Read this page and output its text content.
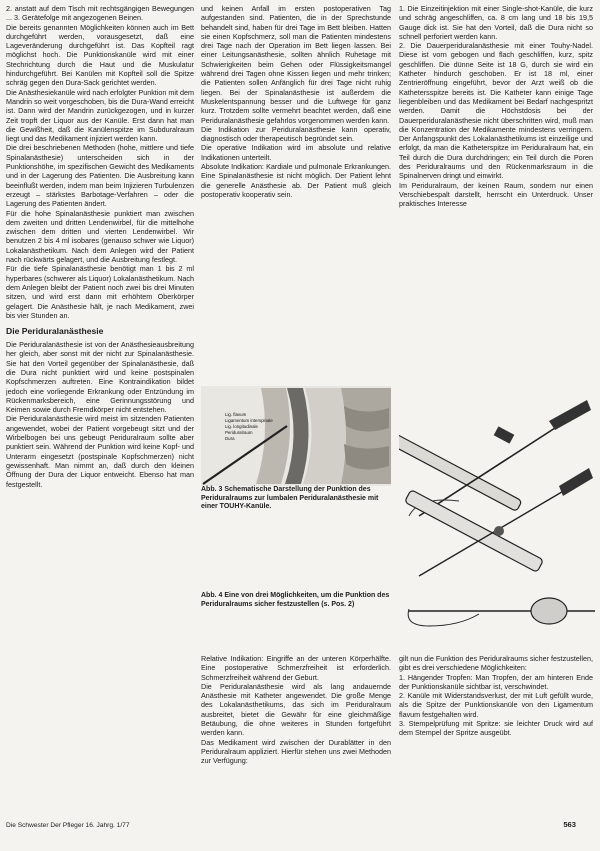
2. anstatt auf dem Tisch mit rechtsgängigen Bewegungen ... 3. Gerätefolge mit angezogenen Beinen.

Die bereits genannten Möglichkeiten können auch im Bett durchgeführt werden, vorausgesetzt, daß eine Lageveränderung durchgeführt ist. Das Kopfteil ragt möglichst hoch. Die Punktionskanüle wird mit einer Stechrichtung durch die Haut und die Muskulatur hindurchgeführt. Bei Kanülen mit Kopfteil soll die Spitze schräg gegen den Dura-Sack gerichtet werden.

Die Anästhesiekanüle wird nach erfolgter Punktion mit dem Mandrin so weit vorgeschoben, bis die Dura-Wand erreicht ist. Dann wird der Mandrin zurückgezogen, und in kurzer Zeit tropft der Liquor aus der Kanüle. Erst dann hat man die Gewißheit, daß die Kanülenspitze im Subduralraum liegt und das Medikament injiziert werden kann.

Die drei beschriebenen Methoden (hohe, mittlere und tiefe Spinalanästhesie) unterscheiden sich in der Punktionshöhe, im spezifischen Gewicht des Medikaments und in der Lagerung des Patienten. Die Ausbreitung kann beeinflußt werden, indem man beim Injizieren Turbulenzen erzeugt – stärkstes Barbotage-Verfahren – oder die Lagerung des Patienten ändert.

Für die hohe Spinalanästhesie punktiert man zwischen dem zweiten und dritten Lendenwirbel, für die mittelhohe zwischen dem dritten und vierten Lendenwirbel. Wir benutzen 2 bis 4 ml isobares (genauso schwer wie Liquor) Lokalanästhetikum. Nach dem Anlegen wird der Patient nach rückwärts gelagert, und die Ausbreitung festlegt.

Für die tiefe Spinalanästhesie benötigt man 1 bis 2 ml hyperbares (schwerer als Liquor) Lokalanästhetikum. Nach dem Anlegen bleibt der Patient noch zwei bis drei Minuten sitzen, und wird erst dann mit erhöhtem Oberkörper gelagert. Die Anästhesie hält, je nach Medikament, zwei bis vier Stunden an.

Die Periduralanästhesie

Die Periduralanästhesie ist von der Anästhesieausbreitung her gleich, aber sonst mit der nicht zur Spinalanästhesie. Sie hat den Vorteil gegenüber der Spinalanästhesie, daß die Dura nicht punktiert wird und keine postspinalen Kopfschmerzen auftreten. Eine Kontraindikation bildet jedoch eine vorliegende Erkrankung oder Entzündung im Rückenmarksbereich, eine Gerinnungsstörung und Keimen sowie durch Fremdkörper nicht entstehen.

Die Periduralanästhesie wird meist im sitzenden Patienten angewendet, wobei der Patient vorgebeugt sitzt und der Wirbelbogen bei uns gebeugt Periduralraum sollte aber punktiert sein. Während der Punktion wird keine Kopf- und Unterarm eingesetzt (postspinale Kopfschmerzen) nicht gewissenhaft. Man nimmt an, daß durch den kleinen Öffnung der Dura der Liquor entweicht. Ebenso hat man festgestellt.

und keinen Anfall im ersten postoperativen Tag aufgestanden sind. Patienten, die in der Sprechstunde behandelt sind, haben für drei Tage im Bett bleiben. Hatten sie einen Kopfschmerz, soll man die Patienten mindestens drei Tage nach der Operation im Bett liegen lassen. Bei einer Leitungsanästhesie, sollten ähnlich Ruhetage mit Schwierigkeiten beim Gehen oder Flüssigkeitsmangel während drei Tagen ohne Kissen liegen und mehr trinken; die Patienten sollen Anfänglich für drei Tage nicht ruhig liegen. Bei der Spinalanästhesie ist außerdem die Muskelentspannung besser und die Luftwege für ganz kurz. Trotzdem sollte vermehrt beachtet werden, daß eine Periduralanästhesie gefahrlos vorgenommen werden kann.

Die Indikation zur Periduralanästhesie kann operativ, diagnostisch oder therapeutisch begründet sein.

Die operative Indikation wird im absolute und relative Indikationen unterteilt.

Absolute Indikation: Kardiale und pulmonale Erkrankungen. Eine Spinalanästhesie ist nicht möglich. Der Patient lehnt die generelle Anästhesie ab. Der Patient muß gleich postoperativ kooperativ sein.

Lig. flavum
Ligamentum interspinale
Lig. longitudinale
Periduralraum
Dura
Abb. 3 Schematische Darstellung der Punktion des Periduralraums zur lumbalen Periduralanästhesie mit einer TOUHY-Kanüle.
Abb. 4 Eine von drei Möglichkeiten, um die Punktion des Periduralraums sicher festzustellen (s. Pos. 2)

1. Die Einzeitinjektion mit einer Single-shot-Kanüle, die kurz und schräg angeschliffen, ca. 8 cm lang und 18 bis 19,5 Gauge dick ist. Sie hat den Vorteil, daß die Dura nicht so schnell perforiert werden kann.

2. Die Dauerperiduralanästhesie mit einer Touhy-Nadel. Diese ist vorn gebogen und flach geschliffen, kurz, spitz geschliffen. Die dünne Seite ist 18 G, durch sie wird ein Katheter hindurch geschoben. Er ist 18 ml, einer Zentrieröffnung eingeführt, bevor der Arzt weiß ob die Kathetersspitze bereits ist. Die Katheter kann einige Tage liegenbleiben und das Medikament bei Bedarf nachgespritzt werden. Damit die Höchstdosis bei der Dauerperiduralanästhesie nicht überschritten wird, muß man die Konzentration der Medikamente mindestens verringern. Der Anfangspunkt des Lokalanästhetikums ist einzeilige und erfolgt, da man die Katheterspitze im Periduralraum hat, ein Teil durch die Dura durchdringen; ein Teil durch die Poren des Periduralraums und den Rückenmarksraum in die Spinalnerven dringt und einwirkt.

Im Periduralraum, der keinen Raum, sondern nur einen Verschiebespalt darstellt, herrscht ein Unterdruck. Unser praktisches Interesse

Relative Indikation: Eingriffe an der unteren Körperhälfte. Eine postoperative Schmerzfreiheit ist erforderlich. Schmerzfreiheit während der Geburt.

Die Periduralanästhesie wird als lang andauernde Anästhesie mit Katheter angewendet. Die große Menge des Lokalanästhetikums, das sich im Periduralraum ausbreitet, bietet die Gewähr für eine gleichmäßige Betäubung, die ohne weiteres in Stunden fortgeführt werden kann.

Das Medikament wird zwischen der Durablätter in den Periduralraum appliziert. Hierfür stehen uns zwei Methoden zur Verfügung:

gilt nun die Funktion des Periduralraums sicher festzustellen, gibt es drei verschiedene Möglichkeiten:

1. Hängender Tropfen: Man Tropfen, der am hinteren Ende der Punktionskanüle sichtbar ist, verschwindet.

2. Kanüle mit Widerstandsverlust, der mit Luft gefüllt wurde, als die Spitze der Punktionskanüle von den Ligamentum flavum festgehalten wird.

3. Stempelprüfung mit Spritze: sie leichter Druck wird auf dem Stempel der Spritze ausgeübt.

Die Schwester Der Pfleger 16. Jahrg. 1/77	563
